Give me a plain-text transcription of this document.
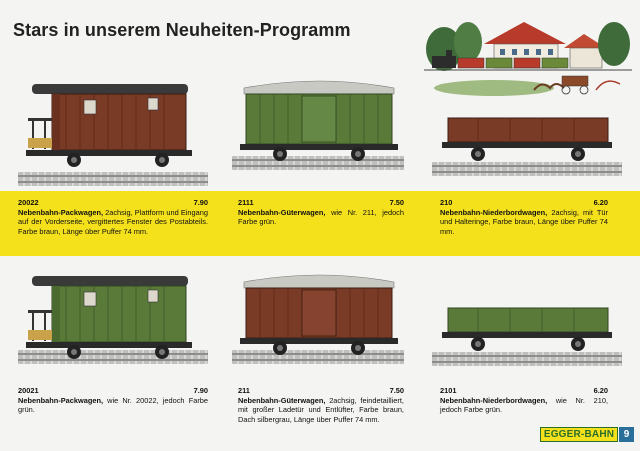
Stars in unserem Neuheiten-Programm
20022	7.90
Nebenbahn-Packwagen, 2achsig, Plattform und Eingang auf der Vorderseite, vergittertes Fenster des Postabteils. Farbe braun, Länge über Puffer 74 mm.
2111	7.50
Nebenbahn-Güterwagen, wie Nr. 211, jedoch Farbe grün.
210	6.20
Nebenbahn-Niederbordwagen, 2achsig, mit Tür und Halteringe, Farbe braun, Länge über Puffer 74 mm.
20021	7.90
Nebenbahn-Packwagen, wie Nr. 20022, jedoch Farbe grün.
211	7.50
Nebenbahn-Güterwagen, 2achsig, feindetailliert, mit großer Ladetür und Entlüfter, Farbe braun, Dach silbergrau, Länge über Puffer 74 mm.
2101	6.20
Nebenbahn-Niederbordwagen, wie Nr. 210, jedoch Farbe grün.
EGGER-BAHN 9
